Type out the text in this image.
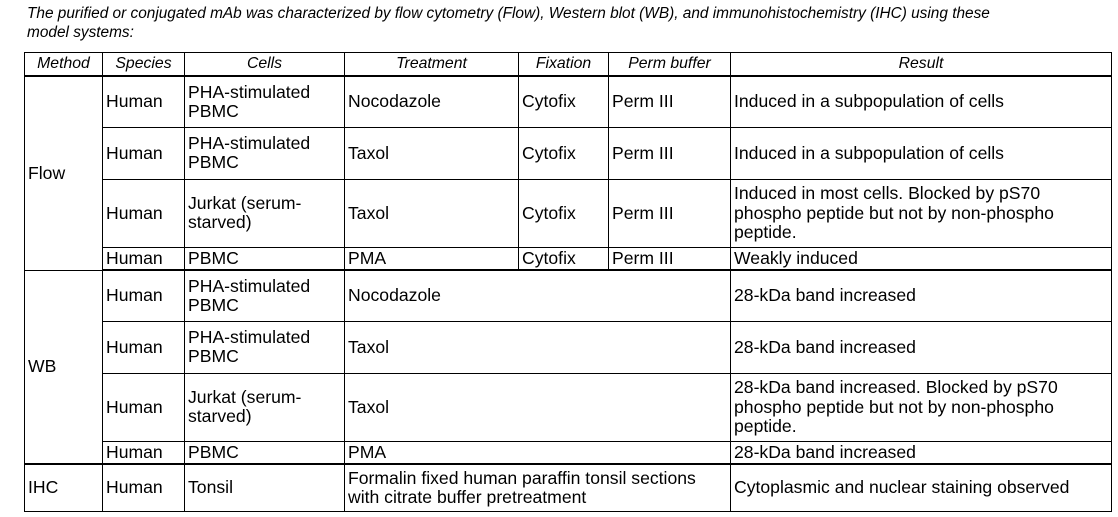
The purified or conjugated mAb was characterized by flow cytometry (Flow), Western blot (WB), and immunohistochemistry (IHC) using these model systems:
Method	Species	Cells	Treatment	Fixation	Perm buffer	Result
Flow	Human	PHA-stimulated PBMC	Nocodazole	Cytofix	Perm III	Induced in a subpopulation of cells
	Human	PHA-stimulated PBMC	Taxol	Cytofix	Perm III	Induced in a subpopulation of cells
	Human	Jurkat (serum-starved)	Taxol	Cytofix	Perm III	Induced in most cells. Blocked by pS70 phospho peptide but not by non-phospho peptide.
	Human	PBMC	PMA	Cytofix	Perm III	Weakly induced
WB	Human	PHA-stimulated PBMC	Nocodazole			28-kDa band increased
	Human	PHA-stimulated PBMC	Taxol			28-kDa band increased
	Human	Jurkat (serum-starved)	Taxol			28-kDa band increased. Blocked by pS70 phospho peptide but not by non-phospho peptide.
	Human	PBMC	PMA			28-kDa band increased
IHC	Human	Tonsil	Formalin fixed human paraffin tonsil sections with citrate buffer pretreatment			Cytoplasmic and nuclear staining observed
